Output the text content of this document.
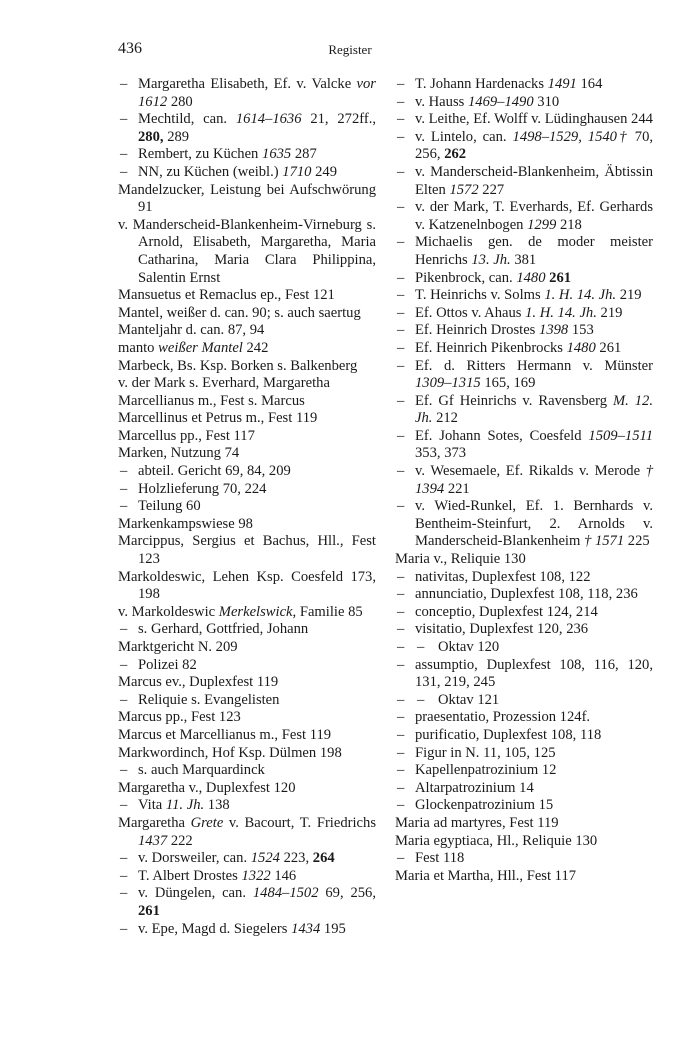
436	Register
– Margaretha Elisabeth, Ef. v. Valcke vor 1612 280
– Mechtild, can. 1614–1636 21, 272ff., 280, 289
– Rembert, zu Küchen 1635 287
– NN, zu Küchen (weibl.) 1710 249
Mandelzucker, Leistung bei Aufschwörung 91
v. Manderscheid-Blankenheim-Virneburg s. Arnold, Elisabeth, Margaretha, Maria Catharina, Maria Clara Philippina, Salentin Ernst
Mansuetus et Remaclus ep., Fest 121
Mantel, weißer d. can. 90; s. auch saertug
Manteljahr d. can. 87, 94
manto weißer Mantel 242
Marbeck, Bs. Ksp. Borken s. Balkenberg
v. der Mark s. Everhard, Margaretha
Marcellianus m., Fest s. Marcus
Marcellinus et Petrus m., Fest 119
Marcellus pp., Fest 117
Marken, Nutzung 74
– abteil. Gericht 69, 84, 209
– Holzlieferung 70, 224
– Teilung 60
Markenkampswiese 98
Marcippus, Sergius et Bachus, Hll., Fest 123
Markoldeswic, Lehen Ksp. Coesfeld 173, 198
v. Markoldeswic Merkelswick, Familie 85
– s. Gerhard, Gottfried, Johann
Marktgericht N. 209
– Polizei 82
Marcus ev., Duplexfest 119
– Reliquie s. Evangelisten
Marcus pp., Fest 123
Marcus et Marcellianus m., Fest 119
Markwordinch, Hof Ksp. Dülmen 198
– s. auch Marquardinck
Margaretha v., Duplexfest 120
– Vita 11. Jh. 138
Margaretha Grete v. Bacourt, T. Friedrichs 1437 222
– v. Dorsweiler, can. 1524 223, 264
– T. Albert Drostes 1322 146
– v. Düngelen, can. 1484–1502 69, 256, 261
– v. Epe, Magd d. Siegelers 1434 195
– T. Johann Hardenacks 1491 164
– v. Hauss 1469–1490 310
– v. Leithe, Ef. Wolff v. Lüdinghausen 244
– v. Lintelo, can. 1498–1529, 1540† 70, 256, 262
– v. Manderscheid-Blankenheim, Äbtissin Elten 1572 227
– v. der Mark, T. Everhards, Ef. Gerhards v. Katzenelnbogen 1299 218
– Michaelis gen. de moder meister Henrichs 13. Jh. 381
– Pikenbrock, can. 1480 261
– T. Heinrichs v. Solms 1. H. 14. Jh. 219
– Ef. Ottos v. Ahaus 1. H. 14. Jh. 219
– Ef. Heinrich Drostes 1398 153
– Ef. Heinrich Pikenbrocks 1480 261
– Ef. d. Ritters Hermann v. Münster 1309–1315 165, 169
– Ef. Gf Heinrichs v. Ravensberg M. 12. Jh. 212
– Ef. Johann Sotes, Coesfeld 1509–1511 353, 373
– v. Wesemaele, Ef. Rikalds v. Merode † 1394 221
– v. Wied-Runkel, Ef. 1. Bernhards v. Bentheim-Steinfurt, 2. Arnolds v. Manderscheid-Blankenheim † 1571 225
Maria v., Reliquie 130
– nativitas, Duplexfest 108, 122
– annunciatio, Duplexfest 108, 118, 236
– conceptio, Duplexfest 124, 214
– visitatio, Duplexfest 120, 236
– – Oktav 120
– assumptio, Duplexfest 108, 116, 120, 131, 219, 245
– – Oktav 121
– praesentatio, Prozession 124f.
– purificatio, Duplexfest 108, 118
– Figur in N. 11, 105, 125
– Kapellenpatrozinium 12
– Altarpatrozinium 14
– Glockenpatrozinium 15
Maria ad martyres, Fest 119
Maria egyptiaca, Hl., Reliquie 130
– Fest 118
Maria et Martha, Hll., Fest 117
